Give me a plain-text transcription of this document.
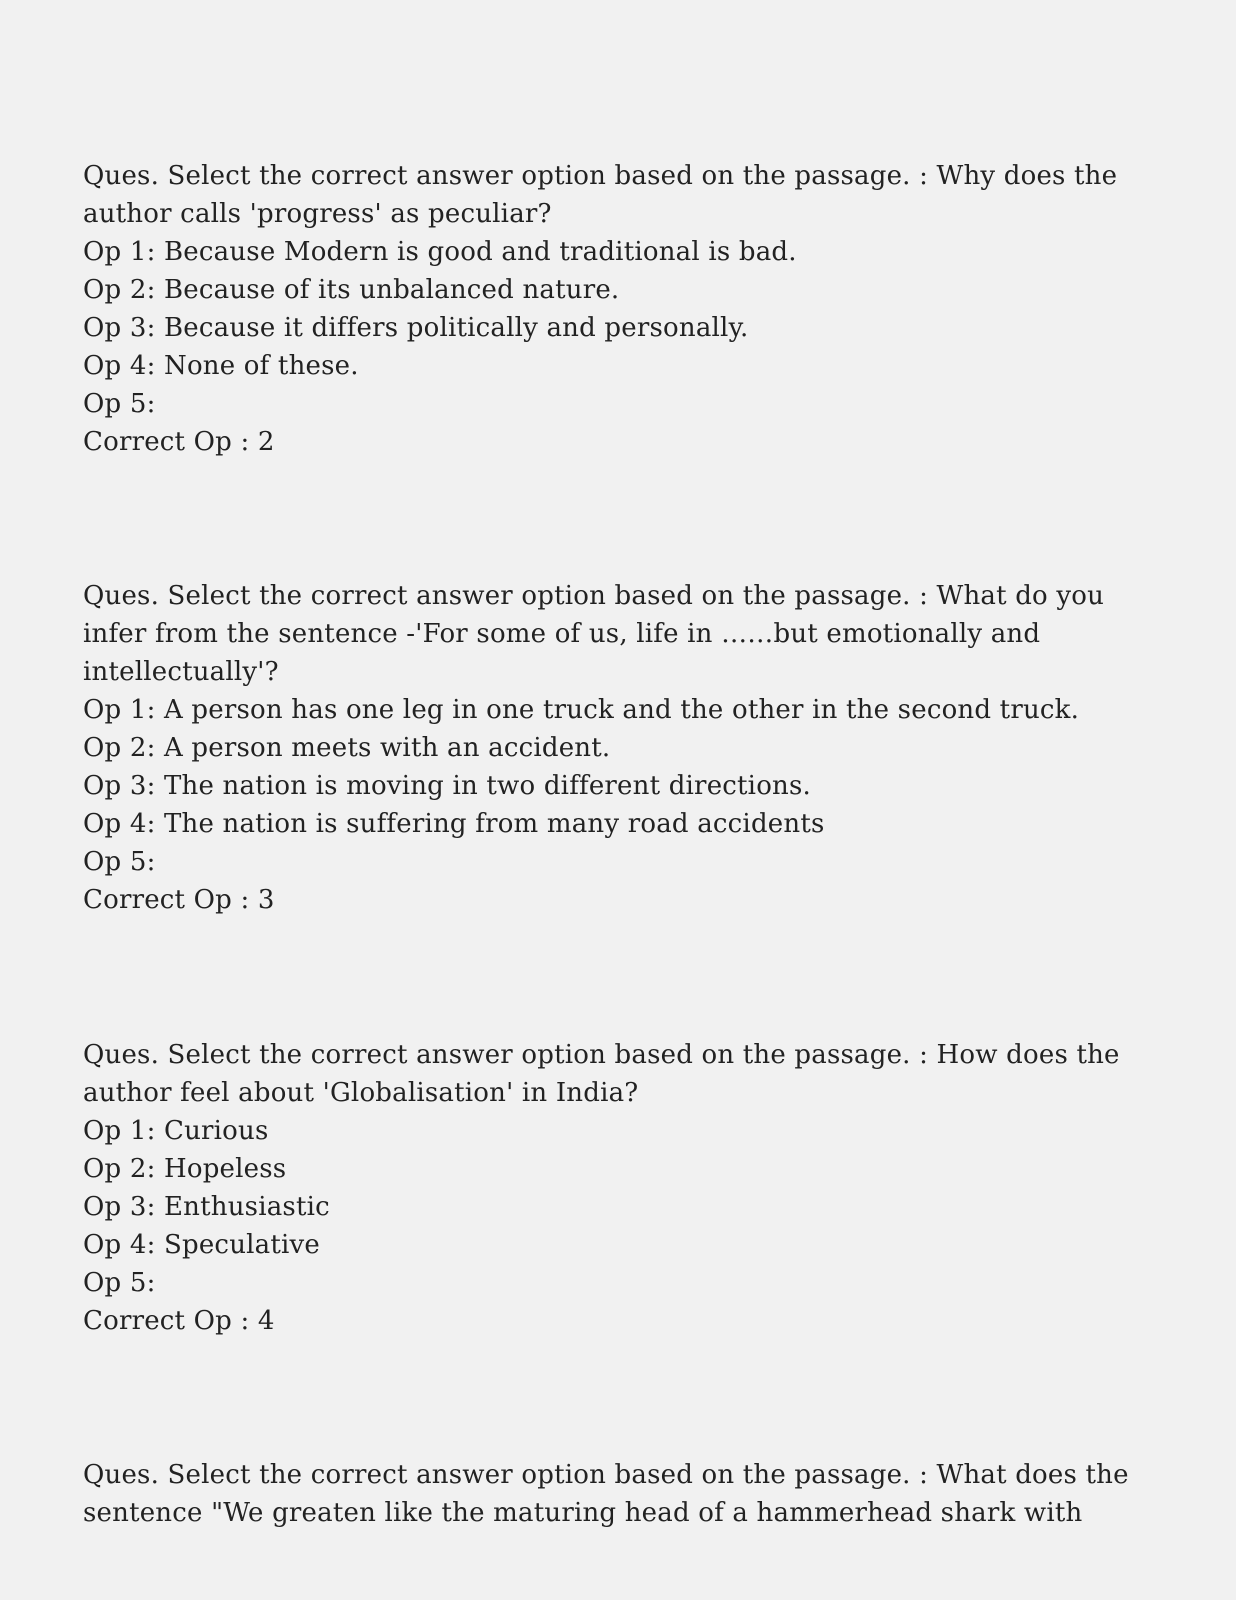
Ques. Select the correct answer option based on the passage. : Why does the
author calls 'progress' as peculiar?
Op 1: Because Modern is good and traditional is bad.
Op 2: Because of its unbalanced nature.
Op 3: Because it differs politically and personally.
Op 4: None of these.
Op 5:
Correct Op : 2
Ques. Select the correct answer option based on the passage. : What do you
infer from the sentence -'For some of us, life in ……but emotionally and
intellectually'?
Op 1: A person has one leg in one truck and the other in the second truck.
Op 2: A person meets with an accident.
Op 3: The nation is moving in two different directions.
Op 4: The nation is suffering from many road accidents
Op 5:
Correct Op : 3
Ques. Select the correct answer option based on the passage. : How does the
author feel about 'Globalisation' in India?
Op 1: Curious
Op 2: Hopeless
Op 3: Enthusiastic
Op 4: Speculative
Op 5:
Correct Op : 4
Ques. Select the correct answer option based on the passage. : What does the
sentence "We greaten like the maturing head of a hammerhead shark with
